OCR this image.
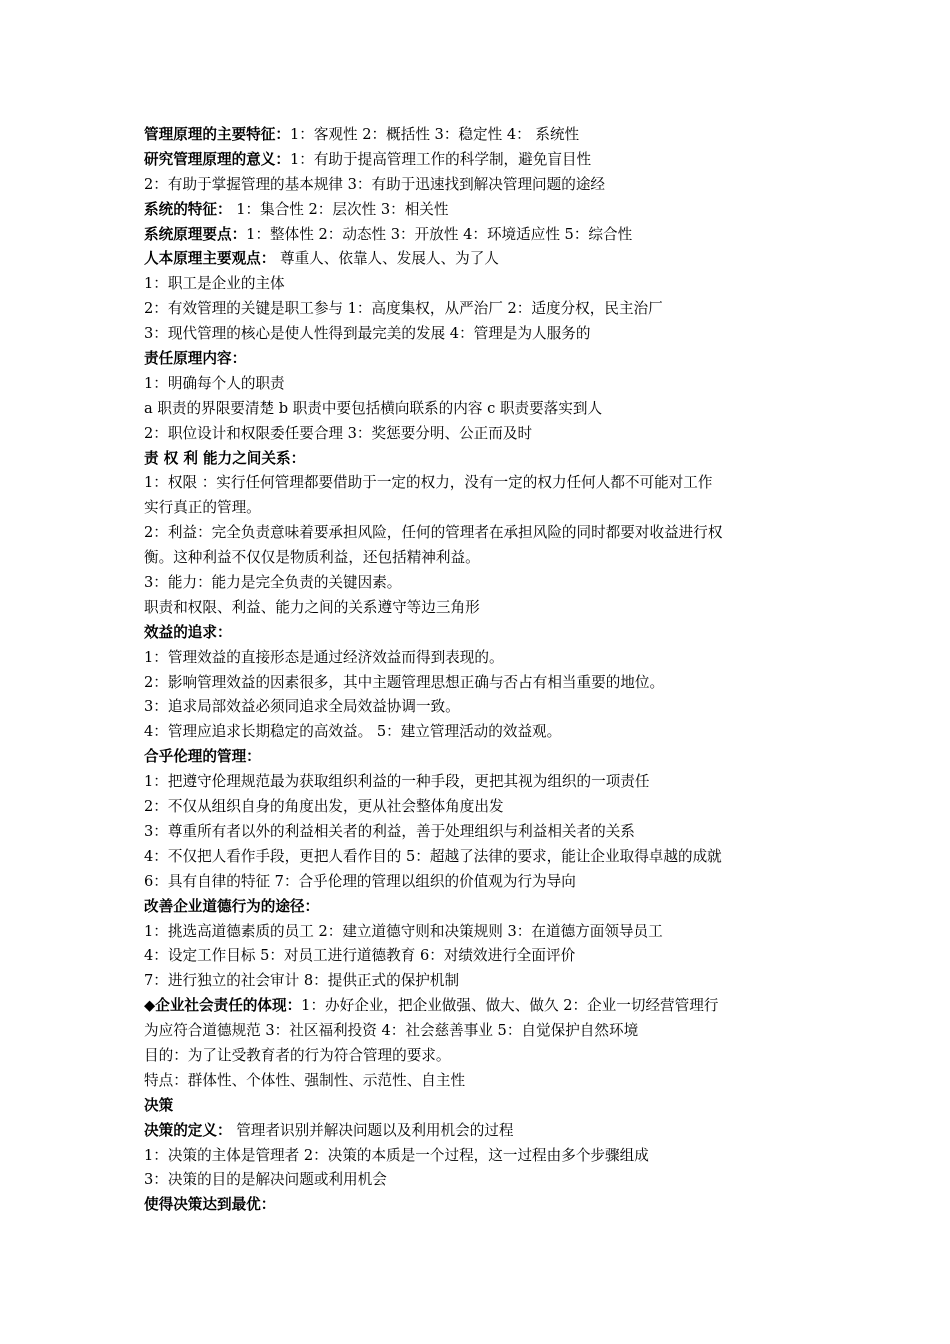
管理原理的主要特征：1：客观性 2：概括性 3：稳定性 4： 系统性
研究管理原理的意义：1：有助于提高管理工作的科学制，避免盲目性
2：有助于掌握管理的基本规律 3：有助于迅速找到解决管理问题的途经
系统的特征： 1：集合性 2：层次性 3：相关性
系统原理要点：1：整体性 2：动态性 3：开放性 4：环境适应性 5：综合性
人本原理主要观点： 尊重人、依靠人、发展人、为了人
1：职工是企业的主体
2：有效管理的关键是职工参与 1：高度集权，从严治厂 2：适度分权，民主治厂
3：现代管理的核心是使人性得到最完美的发展 4：管理是为人服务的
责任原理内容：
1：明确每个人的职责
a 职责的界限要清楚 b 职责中要包括横向联系的内容 c 职责要落实到人
2：职位设计和权限委任要合理 3：奖惩要分明、公正而及时
责 权 利 能力之间关系：
1：权限 ：实行任何管理都要借助于一定的权力，没有一定的权力任何人都不可能对工作
实行真正的管理。
2：利益：完全负责意味着要承担风险，任何的管理者在承担风险的同时都要对收益进行权
衡。这种利益不仅仅是物质利益，还包括精神利益。
3：能力：能力是完全负责的关键因素。
职责和权限、利益、能力之间的关系遵守等边三角形
效益的追求：
1：管理效益的直接形态是通过经济效益而得到表现的。
2：影响管理效益的因素很多，其中主题管理思想正确与否占有相当重要的地位。
3：追求局部效益必须同追求全局效益协调一致。
4：管理应追求长期稳定的高效益。 5：建立管理活动的效益观。
合乎伦理的管理：
1：把遵守伦理规范最为获取组织利益的一种手段，更把其视为组织的一项责任
2：不仅从组织自身的角度出发，更从社会整体角度出发
3：尊重所有者以外的利益相关者的利益，善于处理组织与利益相关者的关系
4：不仅把人看作手段，更把人看作目的 5：超越了法律的要求，能让企业取得卓越的成就
6：具有自律的特征 7：合乎伦理的管理以组织的价值观为行为导向
改善企业道德行为的途径：
1：挑选高道德素质的员工 2：建立道德守则和决策规则 3：在道德方面领导员工
4：设定工作目标 5：对员工进行道德教育 6：对绩效进行全面评价
7：进行独立的社会审计 8：提供正式的保护机制
◆企业社会责任的体现：1：办好企业，把企业做强、做大、做久 2：企业一切经营管理行
为应符合道德规范 3：社区福利投资 4：社会慈善事业 5：自觉保护自然环境
目的：为了让受教育者的行为符合管理的要求。
特点：群体性、个体性、强制性、示范性、自主性
决策
决策的定义： 管理者识别并解决问题以及利用机会的过程
1：决策的主体是管理者 2：决策的本质是一个过程，这一过程由多个步骤组成
3：决策的目的是解决问题或利用机会
使得决策达到最优：
